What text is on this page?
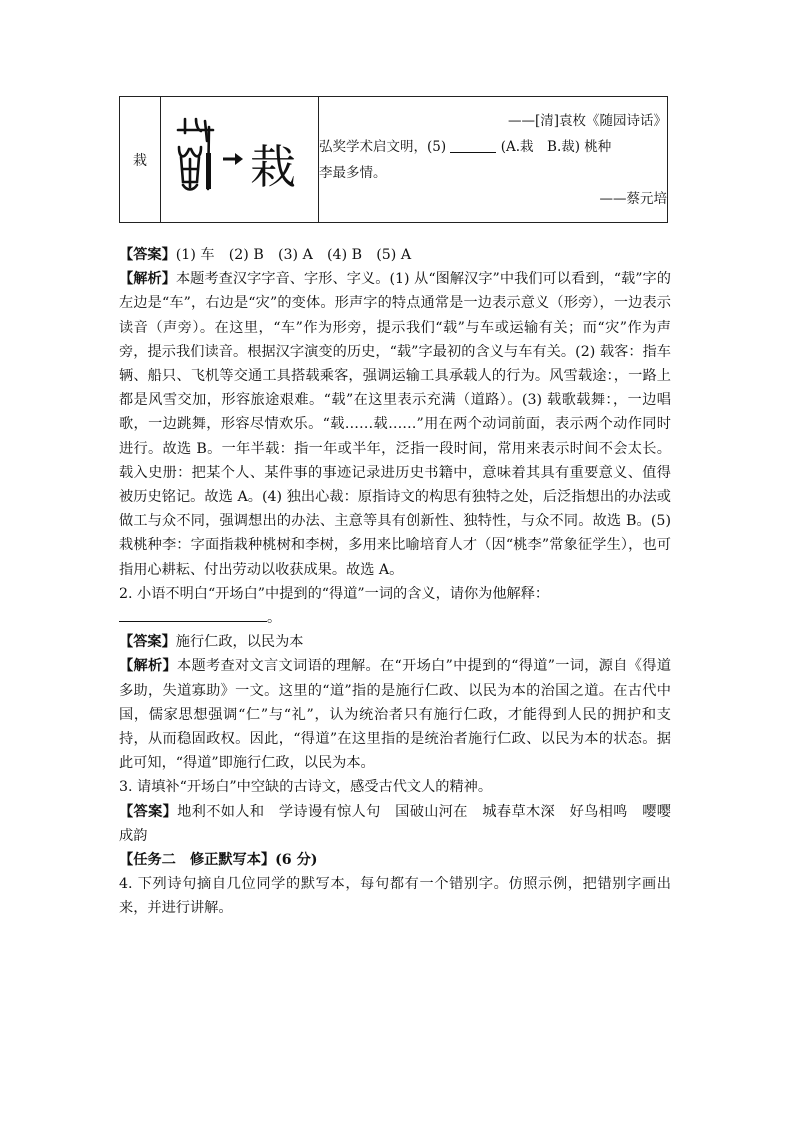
栽	栽

——[清]袁枚《随园诗话》
弘奖学术启文明，(5)	(A.栽　B.裁) 桃种
李最多情。
——蔡元培

【答案】(1) 车　(2) B　(3) A　(4) B　(5) A

【解析】本题考查汉字字音、字形、字义。(1) 从“图解汉字”中我们可以看到，“载”字的左边是“车”，右边是“灾”的变体。形声字的特点通常是一边表示意义（形旁），一边表示读音（声旁）。在这里，“车”作为形旁，提示我们“载”与车或运输有关；而“灾”作为声旁，提示我们读音。根据汉字演变的历史，“载”字最初的含义与车有关。(2) 载客：指车辆、船只、飞机等交通工具搭载乘客，强调运输工具承载人的行为。风雪载途：，一路上都是风雪交加，形容旅途艰难。“载”在这里表示充满（道路）。(3) 载歌载舞：，一边唱歌，一边跳舞，形容尽情欢乐。“载……载……”用在两个动词前面，表示两个动作同时进行。故选 B。一年半载：指一年或半年，泛指一段时间，常用来表示时间不会太长。载入史册：把某个人、某件事的事迹记录进历史书籍中，意味着其具有重要意义、值得被历史铭记。故选 A。(4) 独出心裁：原指诗文的构思有独特之处，后泛指想出的办法或做工与众不同，强调想出的办法、主意等具有创新性、独特性，与众不同。故选 B。(5) 栽桃种李：字面指栽种桃树和李树，多用来比喻培育人才（因“桃李”常象征学生），也可指用心耕耘、付出劳动以收获成果。故选 A。

2. 小语不明白“开场白”中提到的“得道”一词的含义，请你为他解释：

。

【答案】施行仁政，以民为本

【解析】本题考查对文言文词语的理解。在“开场白”中提到的“得道”一词，源自《得道多助，失道寡助》一文。这里的“道”指的是施行仁政、以民为本的治国之道。在古代中国，儒家思想强调“仁”与“礼”，认为统治者只有施行仁政，才能得到人民的拥护和支持，从而稳固政权。因此，“得道”在这里指的是统治者施行仁政、以民为本的状态。据此可知，“得道”即施行仁政，以民为本。

3. 请填补“开场白”中空缺的古诗文，感受古代文人的精神。

【答案】地利不如人和　学诗谩有惊人句　国破山河在　城春草木深　好鸟相鸣　嘤嘤成韵

【任务二　修正默写本】(6 分)

4. 下列诗句摘自几位同学的默写本，每句都有一个错别字。仿照示例，把错别字画出来，并进行讲解。
